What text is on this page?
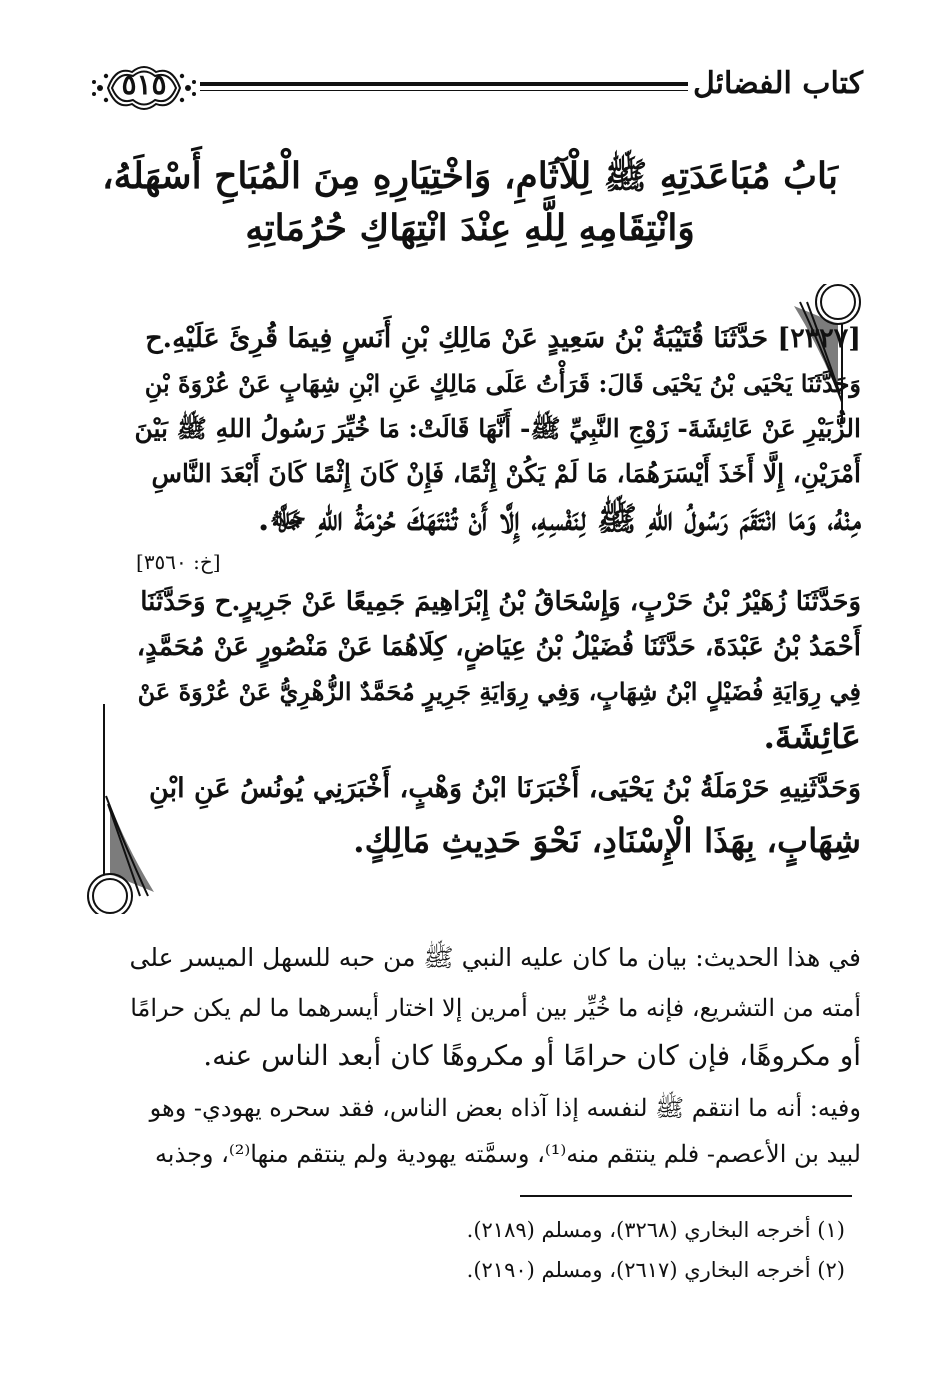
٥١٥	كتاب الفضائل
بَابُ مُبَاعَدَتِهِ ﷺ لِلْآثَامِ، وَاخْتِيَارِهِ مِنَ الْمُبَاحِ أَسْهَلَهُ،
وَانْتِقَامِهِ لِلَّهِ عِنْدَ انْتِهَاكِ حُرُمَاتِهِ
[٢٣٢٧] حَدَّثَنَا قُتَيْبَةُ بْنُ سَعِيدٍ عَنْ مَالِكِ بْنِ أَنَسٍ فِيمَا قُرِئَ عَلَيْهِ.ح
وَحَدَّثَنَا يَحْيَى بْنُ يَحْيَى قَالَ: قَرَأْتُ عَلَى مَالِكٍ عَنِ ابْنِ شِهَابٍ عَنْ عُرْوَةَ بْنِ
الزُّبَيْرِ عَنْ عَائِشَةَ- زَوْجِ النَّبِيِّ ﷺ- أَنَّهَا قَالَتْ: مَا خُيِّرَ رَسُولُ اللهِ ﷺ بَيْنَ
أَمْرَيْنِ، إِلَّا أَخَذَ أَيْسَرَهُمَا، مَا لَمْ يَكُنْ إِثْمًا، فَإِنْ كَانَ إِثْمًا كَانَ أَبْعَدَ النَّاسِ
مِنْهُ، وَمَا انْتَقَمَ رَسُولُ اللهِ ﷺ لِنَفْسِهِ، إِلَّا أَنْ تُنْتَهَكَ حُرْمَةُ اللهِ ﷻ.
[خ: ٣٥٦٠]
وَحَدَّثَنَا زُهَيْرُ بْنُ حَرْبٍ، وَإِسْحَاقُ بْنُ إِبْرَاهِيمَ جَمِيعًا عَنْ جَرِيرٍ.ح وَحَدَّثَنَا
أَحْمَدُ بْنُ عَبْدَةَ، حَدَّثَنَا فُضَيْلُ بْنُ عِيَاضٍ، كِلَاهُمَا عَنْ مَنْصُورٍ عَنْ مُحَمَّدٍ،
فِي رِوَايَةِ فُضَيْلٍ ابْنُ شِهَابٍ، وَفِي رِوَايَةِ جَرِيرٍ مُحَمَّدٌ الزُّهْرِيُّ عَنْ عُرْوَةَ عَنْ
عَائِشَةَ.
وَحَدَّثَنِيهِ حَرْمَلَةُ بْنُ يَحْيَى، أَخْبَرَنَا ابْنُ وَهْبٍ، أَخْبَرَنِي يُونُسُ عَنِ ابْنِ
شِهَابٍ، بِهَذَا الْإِسْنَادِ، نَحْوَ حَدِيثِ مَالِكٍ.
في هذا الحديث: بيان ما كان عليه النبي ﷺ من حبه للسهل الميسر على
أمته من التشريع، فإنه ما خُيِّر بين أمرين إلا اختار أيسرهما ما لم يكن حرامًا
أو مكروهًا، فإن كان حرامًا أو مكروهًا كان أبعد الناس عنه.
وفيه: أنه ما انتقم ﷺ لنفسه إذا آذاه بعض الناس، فقد سحره يهودي- وهو
لبيد بن الأعصم- فلم ينتقم منه⁽¹⁾، وسمَّته يهودية ولم ينتقم منها⁽²⁾، وجذبه
(١) أخرجه البخاري (٣٢٦٨)، ومسلم (٢١٨٩).
(٢) أخرجه البخاري (٢٦١٧)، ومسلم (٢١٩٠).
